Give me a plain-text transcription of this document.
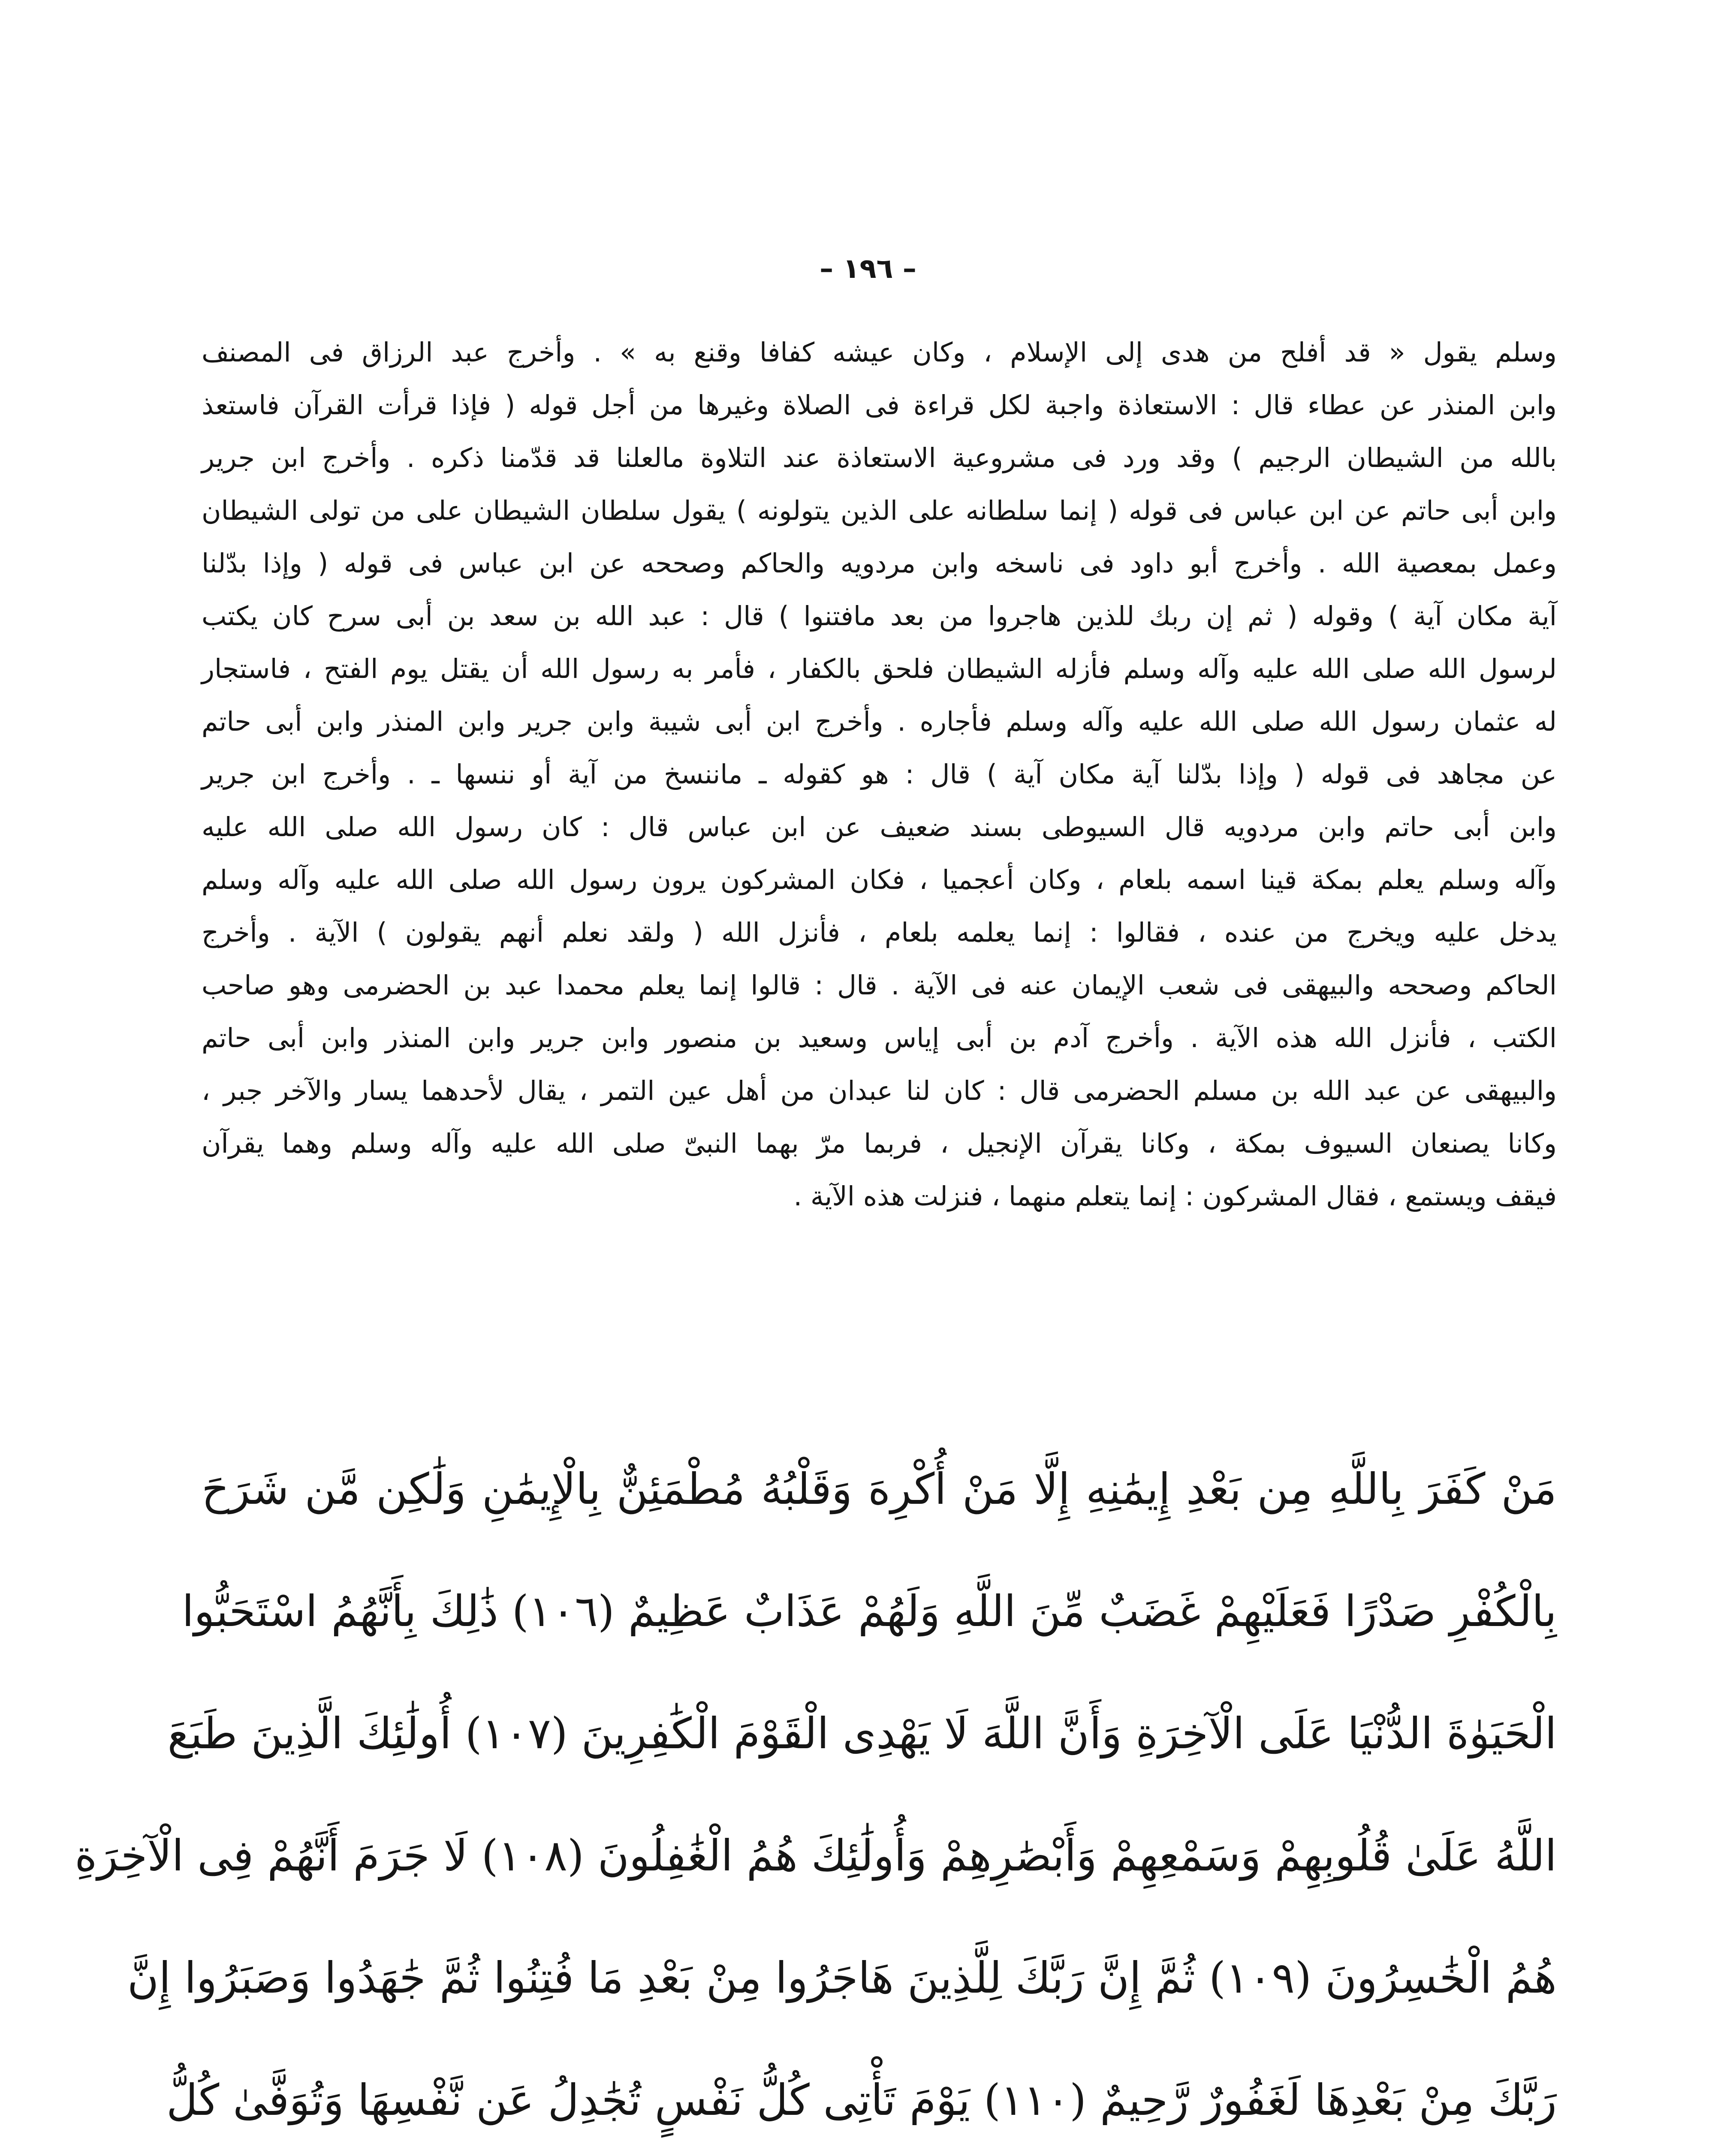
– ١٩٦ –
وسلم يقول « قد أفلح من هدى إلى الإسلام ، وكان عيشه كفافا وقنع به » . وأخرج عبد الرزاق فى المصنف
وابن المنذر عن عطاء قال : الاستعاذة واجبة لكل قراءة فى الصلاة وغيرها من أجل قوله ( فإذا قرأت القرآن فاستعذ
بالله من الشيطان الرجيم ) وقد ورد فى مشروعية الاستعاذة عند التلاوة مالعلنا قد قدّمنا ذكره . وأخرج ابن جرير
وابن أبى حاتم عن ابن عباس فى قوله ( إنما سلطانه على الذين يتولونه ) يقول سلطان الشيطان على من تولى الشيطان
وعمل بمعصية الله . وأخرج أبو داود فى ناسخه وابن مردويه والحاكم وصححه عن ابن عباس فى قوله ( وإذا بدّلنا
آية مكان آية ) وقوله ( ثم إن ربك للذين هاجروا من بعد مافتنوا ) قال : عبد الله بن سعد بن أبى سرح كان يكتب
لرسول الله صلى الله عليه وآله وسلم فأزله الشيطان فلحق بالكفار ، فأمر به رسول الله أن يقتل يوم الفتح ، فاستجار
له عثمان رسول الله صلى الله عليه وآله وسلم فأجاره . وأخرج ابن أبى شيبة وابن جرير وابن المنذر وابن أبى حاتم
عن مجاهد فى قوله ( وإذا بدّلنا آية مكان آية ) قال : هو كقوله ـ ماننسخ من آية أو ننسها ـ . وأخرج ابن جرير
وابن أبى حاتم وابن مردويه قال السيوطى بسند ضعيف عن ابن عباس قال : كان رسول الله صلى الله عليه
وآله وسلم يعلم بمكة قينا اسمه بلعام ، وكان أعجميا ، فكان المشركون يرون رسول الله صلى الله عليه وآله وسلم
يدخل عليه ويخرج من عنده ، فقالوا : إنما يعلمه بلعام ، فأنزل الله ( ولقد نعلم أنهم يقولون ) الآية . وأخرج
الحاكم وصححه والبيهقى فى شعب الإيمان عنه فى الآية . قال : قالوا إنما يعلم محمدا عبد بن الحضرمى وهو صاحب
الكتب ، فأنزل الله هذه الآية . وأخرج آدم بن أبى إياس وسعيد بن منصور وابن جرير وابن المنذر وابن أبى حاتم
والبيهقى عن عبد الله بن مسلم الحضرمى قال : كان لنا عبدان من أهل عين التمر ، يقال لأحدهما يسار والآخر جبر ،
وكانا يصنعان السيوف بمكة ، وكانا يقرآن الإنجيل ، فربما مرّ بهما النبىّ صلى الله عليه وآله وسلم وهما يقرآن
فيقف ويستمع ، فقال المشركون : إنما يتعلم منهما ، فنزلت هذه الآية .
مَنْ كَفَرَ بِاللَّهِ مِن بَعْدِ إِيمَٰنِهِ إِلَّا مَنْ أُكْرِهَ وَقَلْبُهُ مُطْمَئِنٌّ بِالْإِيمَٰنِ وَلَٰكِن مَّن شَرَحَ
بِالْكُفْرِ صَدْرًا فَعَلَيْهِمْ غَضَبٌ مِّنَ اللَّهِ وَلَهُمْ عَذَابٌ عَظِيمٌ (١٠٦) ذَٰلِكَ بِأَنَّهُمُ اسْتَحَبُّوا
الْحَيَوٰةَ الدُّنْيَا عَلَى الْآخِرَةِ وَأَنَّ اللَّهَ لَا يَهْدِى الْقَوْمَ الْكَٰفِرِينَ (١٠٧) أُولَٰئِكَ الَّذِينَ طَبَعَ
اللَّهُ عَلَىٰ قُلُوبِهِمْ وَسَمْعِهِمْ وَأَبْصَٰرِهِمْ وَأُولَٰئِكَ هُمُ الْغَٰفِلُونَ (١٠٨) لَا جَرَمَ أَنَّهُمْ فِى الْآخِرَةِ
هُمُ الْخَٰسِرُونَ (١٠٩) ثُمَّ إِنَّ رَبَّكَ لِلَّذِينَ هَاجَرُوا مِنْ بَعْدِ مَا فُتِنُوا ثُمَّ جَٰهَدُوا وَصَبَرُوا إِنَّ
رَبَّكَ مِنْ بَعْدِهَا لَغَفُورٌ رَّحِيمٌ (١١٠) يَوْمَ تَأْتِى كُلُّ نَفْسٍ تُجَٰدِلُ عَن نَّفْسِهَا وَتُوَفَّىٰ كُلُّ
